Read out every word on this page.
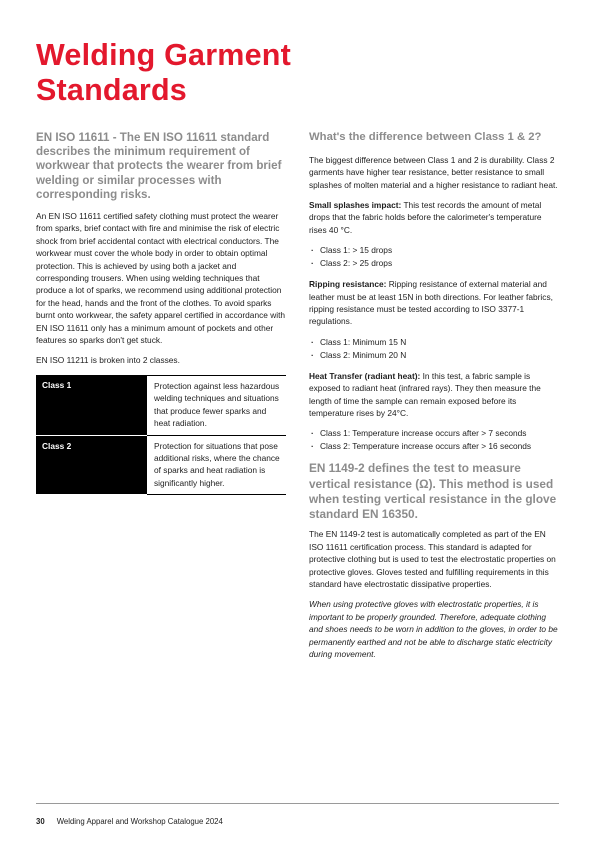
Welding Garment Standards

EN ISO 11611 - The EN ISO 11611 standard describes the minimum requirement of workwear that protects the wearer from brief welding or similar processes with corresponding risks.

An EN ISO 11611 certified safety clothing must protect the wearer from sparks, brief contact with fire and minimise the risk of electric shock from brief accidental contact with electrical conductors. The workwear must cover the whole body in order to obtain optimal protection. This is achieved by using both a jacket and corresponding trousers. When using welding techniques that produce a lot of sparks, we recommend using additional protection for the head, hands and the front of the clothes. To avoid sparks burnt onto workwear, the safety apparel certified in accordance with EN ISO 11611 only has a minimum amount of pockets and other features so sparks don't get stuck.

EN ISO 11211 is broken into 2 classes.

Class 1	Protection against less hazardous welding techniques and situations that produce fewer sparks and heat radiation.
Class 2	Protection for situations that pose additional risks, where the chance of sparks and heat radiation is significantly higher.

What's the difference between Class 1 & 2?

The biggest difference between Class 1 and 2 is durability. Class 2 garments have higher tear resistance, better resistance to small splashes of molten material and a higher resistance to radiant heat.

Small splashes impact: This test records the amount of metal drops that the fabric holds before the calorimeter's temperature rises 40 °C.

· Class 1: > 15 drops
· Class 2: > 25 drops

Ripping resistance: Ripping resistance of external material and leather must be at least 15N in both directions. For leather fabrics, ripping resistance must be tested according to ISO 3377-1 regulations.

· Class 1: Minimum 15 N
· Class 2: Minimum 20 N

Heat Transfer (radiant heat): In this test, a fabric sample is exposed to radiant heat (infrared rays). They then measure the length of time the sample can remain exposed before its temperature rises by 24°C.

· Class 1: Temperature increase occurs after > 7 seconds
· Class 2: Temperature increase occurs after > 16 seconds

EN 1149-2 defines the test to measure vertical resistance (Ω). This method is used when testing vertical resistance in the glove standard EN 16350.

The EN 1149-2 test is automatically completed as part of the EN ISO 11611 certification process. This standard is adapted for protective clothing but is used to test the electrostatic properties on protective gloves. Gloves tested and fulfilling requirements in this standard have electrostatic dissipative properties.

When using protective gloves with electrostatic properties, it is important to be properly grounded. Therefore, adequate clothing and shoes needs to be worn in addition to the gloves, in order to be permanently earthed and not be able to discharge static electricity during movement.

30 Welding Apparel and Workshop Catalogue 2024
